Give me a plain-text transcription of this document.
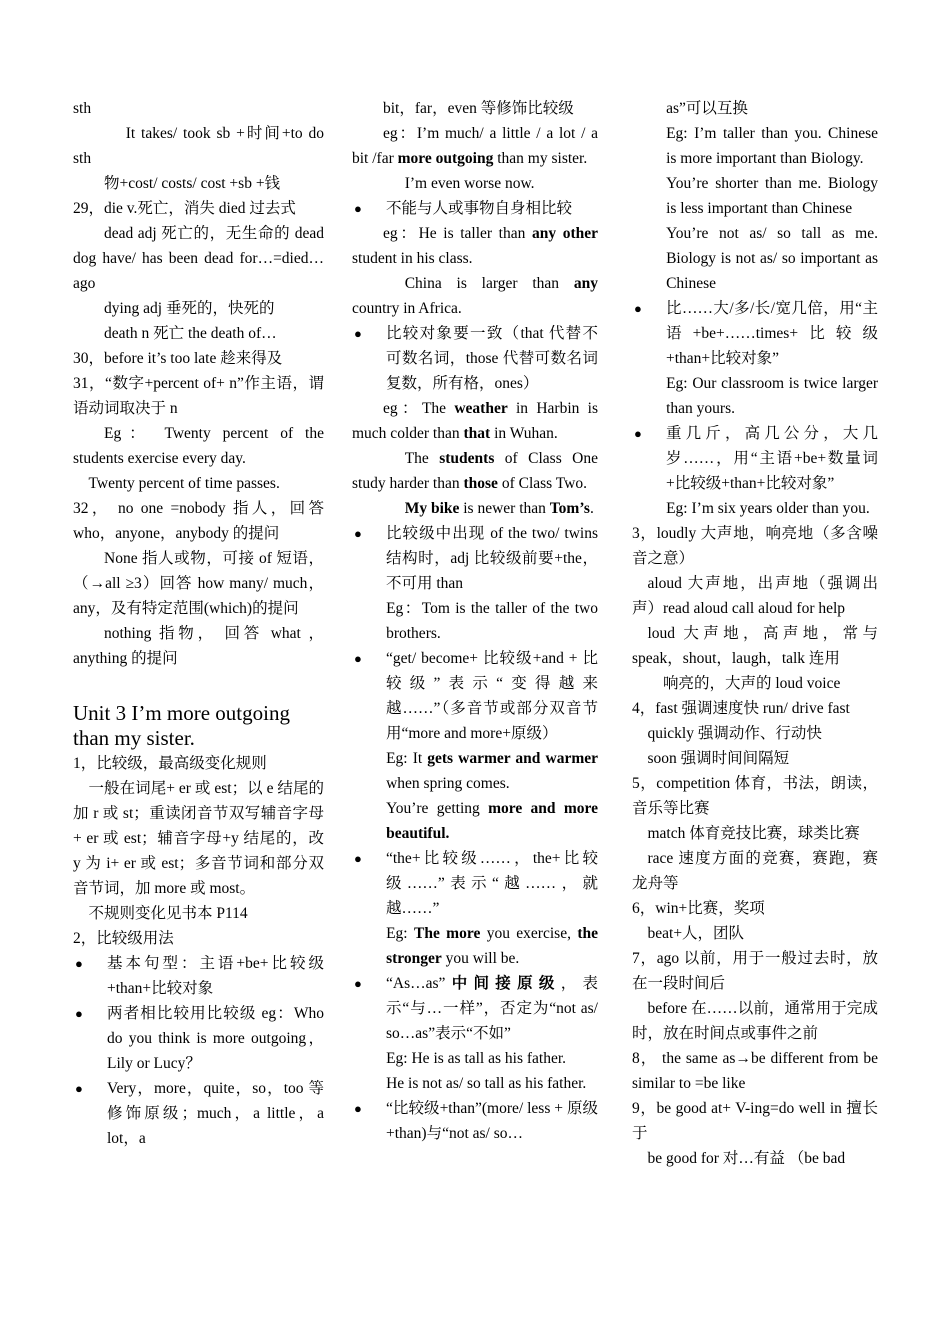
sth
It takes/ took sb +时间+to do sth
物+cost/ costs/ cost +sb +钱
29，die v.死亡，消失 died 过去式
dead adj 死亡的，无生命的 dead dog have/ has been dead for…=died…ago
dying adj 垂死的，快死的
death n 死亡 the death of…
30，before it’s too late 趁来得及
31，“数字+percent of+ n”作主语，谓语动词取决于 n
Eg： Twenty percent of the students exercise every day.
Twenty percent of time passes.
32， no one =nobody 指人，回答 who，anyone，anybody 的提问
None 指人或物，可接 of 短语，（→all ≥3）回答 how many/ much，any，及有特定范围(which)的提问
nothing 指物， 回答 what ，anything 的提问
Unit 3 I’m more outgoing than my sister.
1，比较级，最高级变化规则
一般在词尾+ er 或 est；以 e 结尾的加 r 或 st；重读闭音节双写辅音字母+ er 或 est；辅音字母+y 结尾的，改 y 为 i+ er 或 est；多音节词和部分双音节词，加 more 或 most。
不规则变化见书本 P114
2，比较级用法
● 基本句型：主语+be+比较级+than+比较对象
● 两者相比较用比较级 eg：Who do you think is more outgoing，Lily or Lucy？
● Very，more，quite，so，too 等修饰原级；much，a little，a lot，a
bit，far，even 等修饰比较级
eg：I’m much/ a little / a lot / a bit /far more outgoing than my sister.
I’m even worse now.
● 不能与人或事物自身相比较
eg：He is taller than any other student in his class.
China is larger than any country in Africa.
● 比较对象要一致（that 代替不可数名词，those 代替可数名词复数，所有格，ones）
eg：The weather in Harbin is much colder than that in Wuhan.
The students of Class One study harder than those of Class Two.
My bike is newer than Tom’s.
● 比较级中出现 of the two/ twins 结构时，adj 比较级前要+the，不可用 than
Eg：Tom is the taller of the two brothers.
● “get/ become+ 比较级+and + 比较级”表示“变得越来越……”（多音节或部分双音节用“more and more+原级）
Eg: It gets warmer and warmer when spring comes.
You’re getting more and more beautiful.
● “the+比较级……，the+比较级……”表示“越……，就越……”
Eg: The more you exercise, the stronger you will be.
● “As…as”中间接原级，表示“与…一样”，否定为“not as/ so…as”表示“不如”
Eg: He is as tall as his father.
He is not as/ so tall as his father.
● “比较级+than”(more/ less + 原级+than)与“not as/ so…
as”可以互换
Eg: I’m taller than you. Chinese is more important than Biology.
You’re shorter than me. Biology is less important than Chinese
You’re not as/ so tall as me. Biology is not as/ so important as Chinese
● 比……大/多/长/宽几倍，用“主语+be+……times+比较级+than+比较对象”
Eg: Our classroom is twice larger than yours.
● 重几斤，高几公分，大几岁……，用“主语+be+数量词+比较级+than+比较对象”
Eg: I’m six years older than you.
3，loudly 大声地，响亮地（多含噪音之意）
aloud 大声地，出声地（强调出声）read aloud call aloud for help
loud 大声地，高声地，常与 speak，shout，laugh，talk 连用
响亮的，大声的 loud voice
4，fast 强调速度快 run/ drive fast
quickly 强调动作、行动快
soon 强调时间间隔短
5，competition 体育，书法，朗读，音乐等比赛
match 体育竞技比赛，球类比赛
race 速度方面的竞赛，赛跑，赛龙舟等
6，win+比赛，奖项
beat+人，团队
7，ago 以前，用于一般过去时，放在一段时间后
before 在……以前，通常用于完成时，放在时间点或事件之前
8， the same as→be different from be similar to =be like
9，be good at+ V-ing=do well in 擅长于
be good for 对…有益 （be bad
